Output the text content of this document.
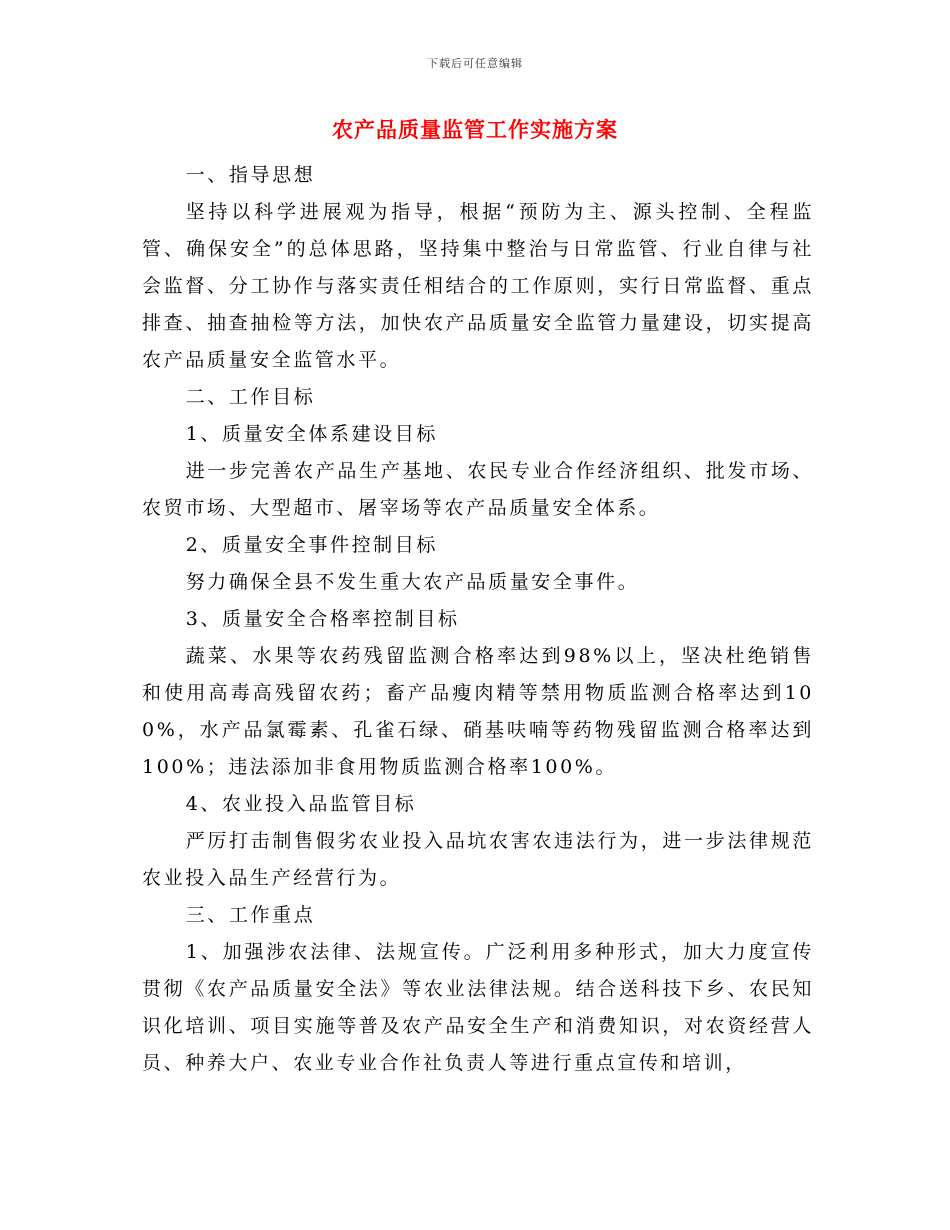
下载后可任意编辑
农产品质量监管工作实施方案

一、指导思想

坚持以科学进展观为指导，根据“预防为主、源头控制、全程监管、确保安全”的总体思路，坚持集中整治与日常监管、行业自律与社会监督、分工协作与落实责任相结合的工作原则，实行日常监督、重点排查、抽查抽检等方法，加快农产品质量安全监管力量建设，切实提高农产品质量安全监管水平。

二、工作目标

1、质量安全体系建设目标

进一步完善农产品生产基地、农民专业合作经济组织、批发市场、农贸市场、大型超市、屠宰场等农产品质量安全体系。

2、质量安全事件控制目标

努力确保全县不发生重大农产品质量安全事件。

3、质量安全合格率控制目标

蔬菜、水果等农药残留监测合格率达到98%以上，坚决杜绝销售和使用高毒高残留农药；畜产品瘦肉精等禁用物质监测合格率达到100%，水产品氯霉素、孔雀石绿、硝基呋喃等药物残留监测合格率达到100%；违法添加非食用物质监测合格率100%。

4、农业投入品监管目标

严厉打击制售假劣农业投入品坑农害农违法行为，进一步法律规范农业投入品生产经营行为。

三、工作重点

1、加强涉农法律、法规宣传。广泛利用多种形式，加大力度宣传贯彻《农产品质量安全法》等农业法律法规。结合送科技下乡、农民知识化培训、项目实施等普及农产品安全生产和消费知识，对农资经营人员、种养大户、农业专业合作社负责人等进行重点宣传和培训，
